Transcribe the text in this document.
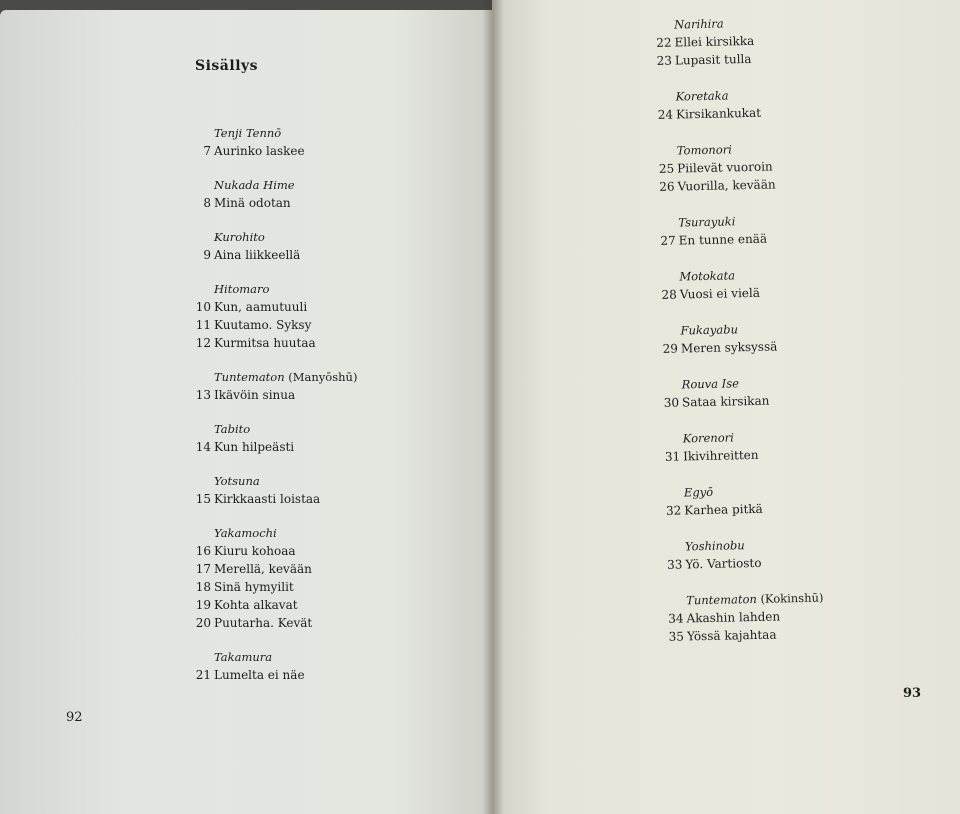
Sisällys
Tenji Tennō
7 Aurinko laskee
Nukada Hime
8 Minä odotan
Kurohito
9 Aina liikkeellä
Hitomaro
10 Kun, aamutuuli
11 Kuutamo. Syksy
12 Kurmitsa huutaa
Tuntematon (Manyōshū)
13 Ikävöin sinua
Tabito
14 Kun hilpeästi
Yotsuna
15 Kirkkaasti loistaa
Yakamochi
16 Kiuru kohoaa
17 Merellä, kevään
18 Sinä hymyilit
19 Kohta alkavat
20 Puutarha. Kevät
Takamura
21 Lumelta ei näe
Narihira
22 Ellei kirsikka
23 Lupasit tulla
Koretaka
24 Kirsikankukat
Tomonori
25 Piilevät vuoroin
26 Vuorilla, kevään
Tsurayuki
27 En tunne enää
Motokata
28 Vuosi ei vielä
Fukayabu
29 Meren syksyssä
Rouva Ise
30 Sataa kirsikan
Korenori
31 Ikivihreitten
Egyō
32 Karhea pitkä
Yoshinobu
33 Yö. Vartiosto
Tuntematon (Kokinshū)
34 Akashin lahden
35 Yössä kajahtaa
92
93
